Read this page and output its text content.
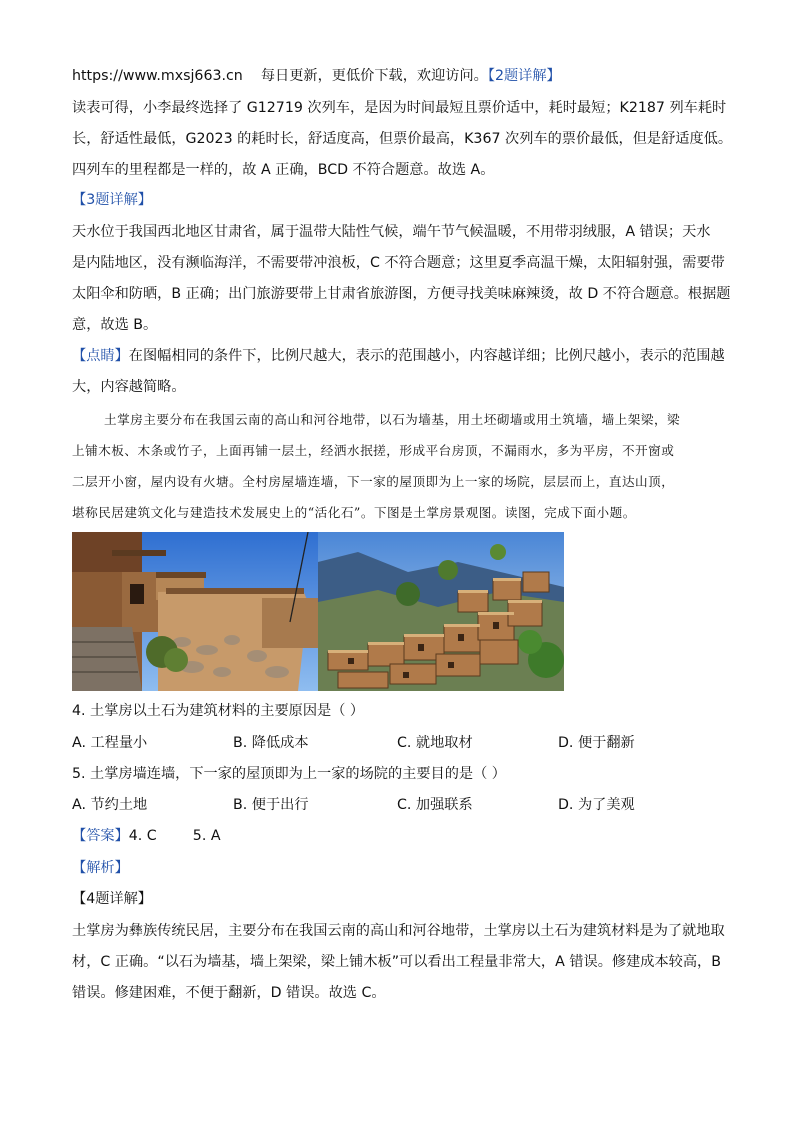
https://www.mxsj663.cn 每日更新，更低价下载，欢迎访问。【2题详解】
读表可得，小李最终选择了 G12719 次列车，是因为时间最短且票价适中，耗时最短；K2187 列车耗时
长，舒适性最低，G2023 的耗时长，舒适度高，但票价最高，K367 次列车的票价最低，但是舒适度低。
四列车的里程都是一样的，故 A 正确，BCD 不符合题意。故选 A。
【3题详解】
天水位于我国西北地区甘肃省，属于温带大陆性气候，端午节气候温暖，不用带羽绒服，A 错误；天水
是内陆地区，没有濒临海洋，不需要带冲浪板，C 不符合题意；这里夏季高温干燥，太阳辐射强，需要带
太阳伞和防晒，B 正确；出门旅游要带上甘肃省旅游图，方便寻找美味麻辣烫，故 D 不符合题意。根据题
意，故选 B。
【点睛】在图幅相同的条件下，比例尺越大，表示的范围越小，内容越详细；比例尺越小，表示的范围越
大，内容越简略。
土掌房主要分布在我国云南的高山和河谷地带，以石为墙基，用土坯砌墙或用土筑墙，墙上架梁，梁
上铺木板、木条或竹子，上面再铺一层土，经洒水抿搓，形成平台房顶，不漏雨水，多为平房，不开窗或
二层开小窗，屋内设有火塘。全村房屋墙连墙，下一家的屋顶即为上一家的场院，层层而上，直达山顶，
堪称民居建筑文化与建造技术发展史上的“活化石”。下图是土掌房景观图。读图，完成下面小题。
4. 土掌房以土石为建筑材料的主要原因是（ ）
A. 工程量小	B. 降低成本	C. 就地取材	D. 便于翻新
5. 土掌房墙连墙，下一家的屋顶即为上一家的场院的主要目的是（ ）
A. 节约土地	B. 便于出行	C. 加强联系	D. 为了美观
【答案】4. C        5. A
【解析】
【4题详解】
土掌房为彝族传统民居，主要分布在我国云南的高山和河谷地带，土掌房以土石为建筑材料是为了就地取
材，C 正确。“以石为墙基，墙上架梁，梁上铺木板”可以看出工程量非常大，A 错误。修建成本较高，B
错误。修建困难，不便于翻新，D 错误。故选 C。
